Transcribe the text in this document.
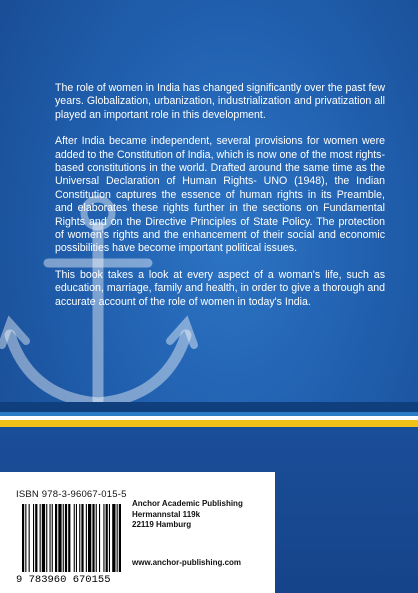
The role of women in India has changed significantly over the past few years. Globalization, urbanization, industrialization and privatization all played an important role in this development.

After India became independent, several provisions for women were added to the Constitution of India, which is now one of the most rights-based constitutions in the world. Drafted around the same time as the Universal Declaration of Human Rights- UNO (1948), the Indian Constitution captures the essence of human rights in its Preamble, and elaborates these rights further in the sections on Fundamental Rights and on the Directive Principles of State Policy. The protection of women's rights and the enhancement of their social and economic possibilities have become important political issues.

This book takes a look at every aspect of a woman's life, such as education, marriage, family and health, in order to give a thorough and accurate account of the role of women in today's India.

ISBN 978-3-96067-015-5
9 783960 670155
Anchor Academic Publishing
Hermannstal 119k
22119 Hamburg
www.anchor-publishing.com
